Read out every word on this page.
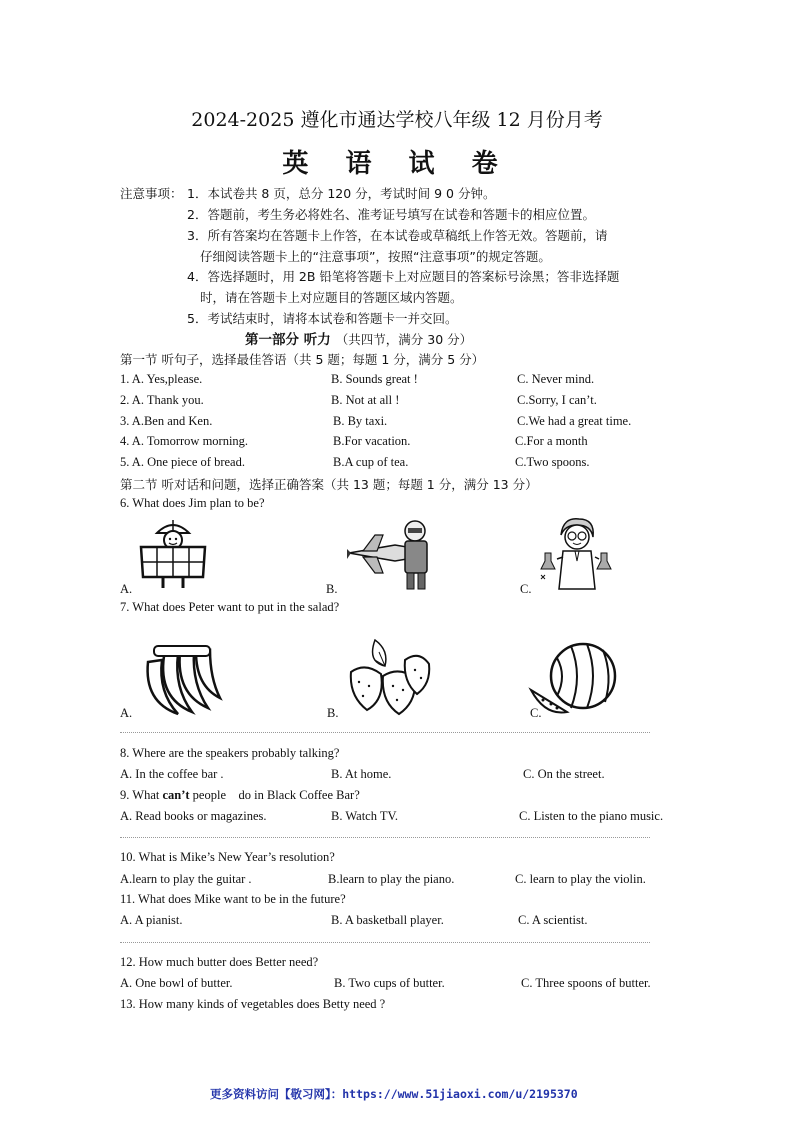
2024-2025 遵化市通达学校八年级 12 月份月考
英 语 试 卷
注意事项： 1．本试卷共 8 页，总分 120 分，考试时间 9 0 分钟。
2．答题前，考生务必将姓名、准考证号填写在试卷和答题卡的相应位置。
3．所有答案均在答题卡上作答，在本试卷或草稿纸上作答无效。答题前，请
仔细阅读答题卡上的“注意事项”，按照“注意事项”的规定答题。
4．答选择题时，用 2B 铅笔将答题卡上对应题目的答案标号涂黑；答非选择题
时，请在答题卡上对应题目的答题区域内答题。
5．考试结束时，请将本试卷和答题卡一并交回。
第一部分 听力 （共四节，满分 30 分）
第一节 听句子，选择最佳答语（共 5 题；每题 1 分，满分 5 分）
1. A. Yes,please.	B. Sounds great !	C. Never mind.
2. A. Thank you.	B. Not at all !	C.Sorry, I can’t.
3. A.Ben and Ken.	B. By taxi.	C.We had a great time.
4. A. Tomorrow morning.	B.For vacation.	C.For a month
5. A. One piece of bread.	B.A cup of tea.	C.Two spoons.
第二节 听对话和问题，选择正确答案（共 13 题；每题 1 分，满分 13 分）
6. What does Jim plan to be?
A.	B.	C.
7. What does Peter want to put in the salad?
A.	B.	C.
8. Where are the speakers probably talking?
A. In the coffee bar .	B. At home.	C. On the street.
9. What can’t people    do in Black Coffee Bar?
A. Read books or magazines.	B. Watch TV.	C. Listen to the piano music.
10. What is Mike’s New Year’s resolution?
A.learn to play the guitar .	B.learn to play the piano.	C. learn to play the violin.
11. What does Mike want to be in the future?
A. A pianist.	B. A basketball player.	C. A scientist.
12. How much butter does Better need?
A. One bowl of butter.	B. Two cups of butter.	C. Three spoons of butter.
13. How many kinds of vegetables does Betty need ?
更多资料访问【敬习网】：https://www.51jiaoxi.com/u/2195370
